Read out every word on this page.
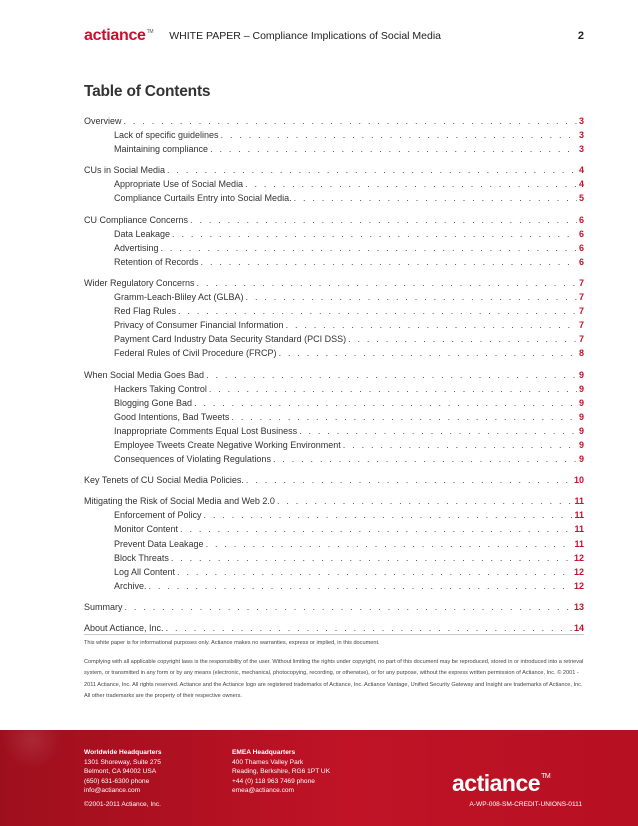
actiance TM WHITE PAPER – Compliance Implications of Social Media	2
Table of Contents
Overview . . .	3
Lack of specific guidelines . . .	3
Maintaining compliance . . .	3
CUs in Social Media . . .	4
Appropriate Use of Social Media . . .	4
Compliance Curtails Entry into Social Media. . . .	5
CU Compliance Concerns . . .	6
Data Leakage . . .	6
Advertising . . .	6
Retention of Records . . .	6
Wider Regulatory Concerns . . .	7
Gramm-Leach-Bliley Act (GLBA) . . .	7
Red Flag Rules . . .	7
Privacy of Consumer Financial Information . . .	7
Payment Card Industry Data Security Standard (PCI DSS) . . .	7
Federal Rules of Civil Procedure (FRCP) . . .	8
When Social Media Goes Bad . . .	9
Hackers Taking Control . . .	9
Blogging Gone Bad . . .	9
Good Intentions, Bad Tweets . . .	9
Inappropriate Comments Equal Lost Business . . .	9
Employee Tweets Create Negative Working Environment . . .	9
Consequences of Violating Regulations . . .	9
Key Tenets of CU Social Media Policies. . . .	10
Mitigating the Risk of Social Media and Web 2.0 . . .	11
Enforcement of Policy . . .	11
Monitor Content . . .	11
Prevent Data Leakage . . .	11
Block Threats . . .	12
Log All Content . . .	12
Archive. . . .	12
Summary . . .	13
About Actiance, Inc. . . .	14
This white paper is for informational purposes only. Actiance makes no warranties, express or implied, in this document.
Complying with all applicable copyright laws is the responsibility of the user. Without limiting the rights under copyright, no part of this document may be reproduced, stored in or introduced into a retrieval system, or transmitted in any form or by any means (electronic, mechanical, photocopying, recording, or otherwise), or for any purpose, without the express written permission of Actiance, Inc. © 2001 - 2011 Actiance, Inc. All rights reserved. Actiance and the Actiance logo are registered trademarks of Actiance, Inc. Actiance Vantage, Unified Security Gateway and Insight are trademarks of Actiance, Inc. All other trademarks are the property of their respective owners.
Worldwide Headquarters
1301 Shoreway, Suite 275
Belmont, CA 94002 USA
(650) 631-6300 phone
info@actiance.com
EMEA Headquarters
400 Thames Valley Park
Reading, Berkshire, RG6 1PT UK
+44 (0) 118 963 7469 phone
emea@actiance.com	actiance TM
©2001-2011 Actiance, Inc.	A-WP-008-SM-CREDIT-UNIONS-0111
